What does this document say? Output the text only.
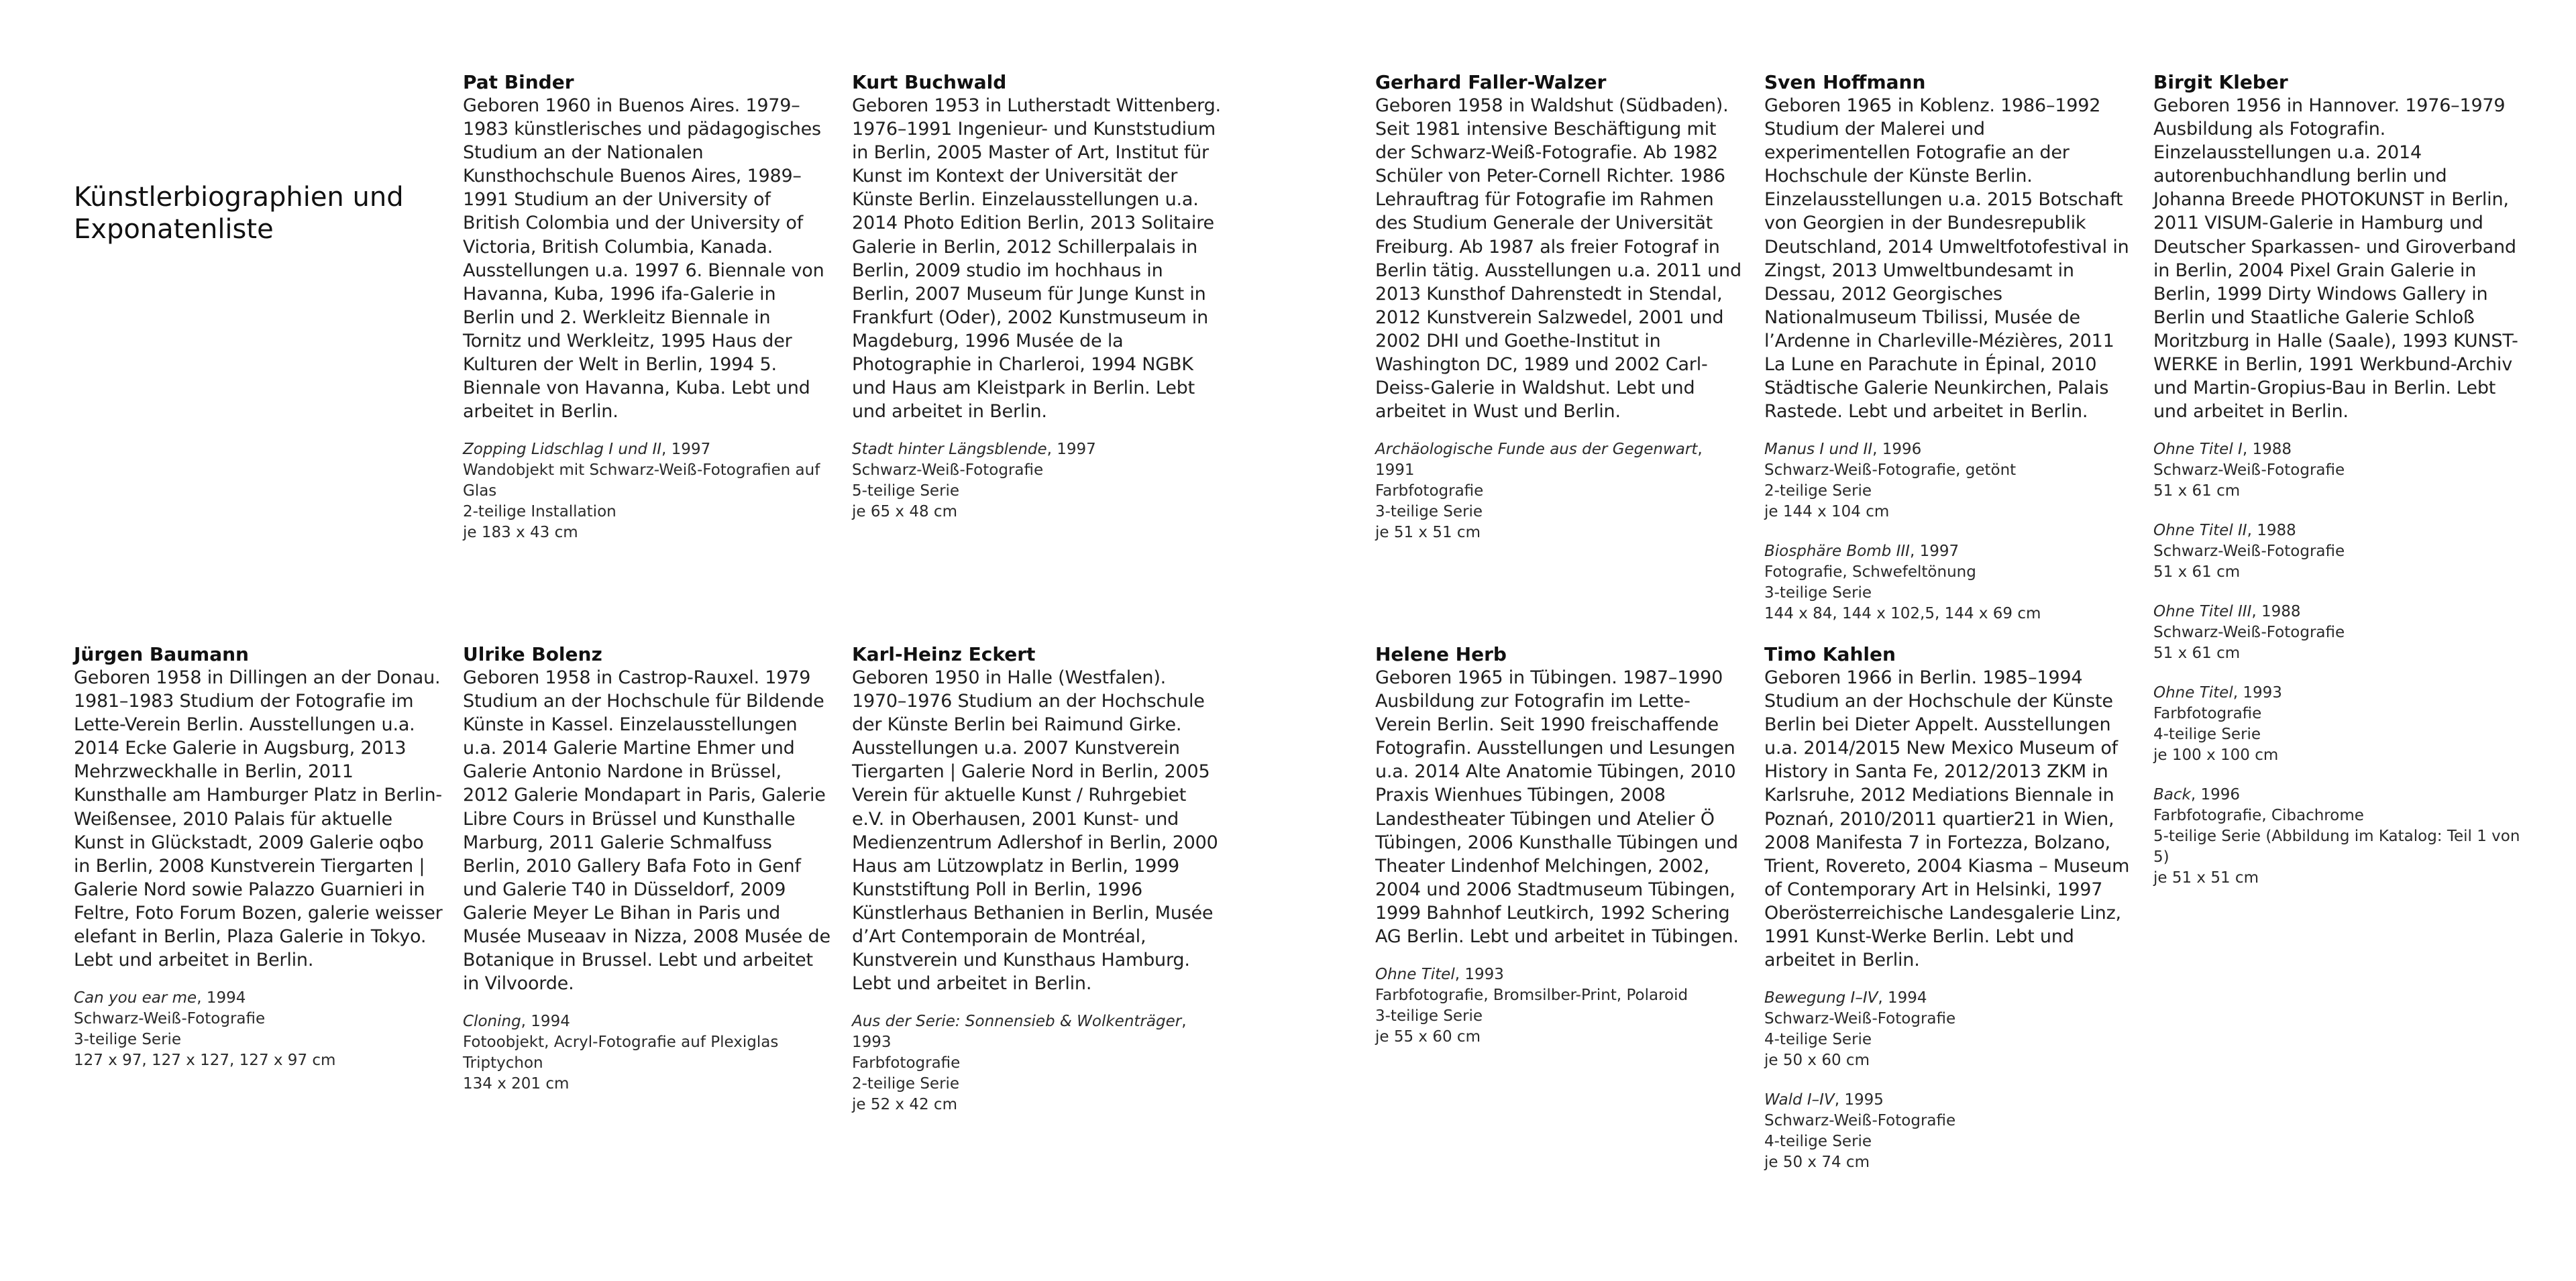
Künstlerbiographien und Exponatenliste
Pat Binder
Geboren 1960 in Buenos Aires. 1979–1983 künstlerisches und pädagogisches Studium an der Nationalen Kunsthochschule Buenos Aires, 1989–1991 Studium an der University of British Colombia und der University of Victoria, British Columbia, Kanada. Ausstellungen u.a. 1997 6. Biennale von Havanna, Kuba, 1996 ifa-Galerie in Berlin und 2. Werkleitz Biennale in Tornitz und Werkleitz, 1995 Haus der Kulturen der Welt in Berlin, 1994 5. Biennale von Havanna, Kuba. Lebt und arbeitet in Berlin.
Zopping Lidschlag I und II , 1997
Wandobjekt mit Schwarz-Weiß-Fotografien auf Glas
2-teilige Installation
je 183 x 43 cm
Kurt Buchwald
Geboren 1953 in Lutherstadt Wittenberg. 1976–1991 Ingenieur- und Kunststudium in Berlin, 2005 Master of Art, Institut für Kunst im Kontext der Universität der Künste Berlin. Einzelausstellungen u.a. 2014 Photo Edition Berlin, 2013 Solitaire Galerie in Berlin, 2012 Schillerpalais in Berlin, 2009 studio im hochhaus in Berlin, 2007 Museum für Junge Kunst in Frankfurt (Oder), 2002 Kunstmuseum in Magdeburg, 1996 Musée de la Photographie in Charleroi, 1994 NGBK und Haus am Kleistpark in Berlin. Lebt und arbeitet in Berlin.
Stadt hinter Längsblende , 1997
Schwarz-Weiß-Fotografie
5-teilige Serie
je 65 x 48 cm
Gerhard Faller-Walzer
Geboren 1958 in Waldshut (Südbaden). Seit 1981 intensive Beschäftigung mit der Schwarz-Weiß-Fotografie. Ab 1982 Schüler von Peter-Cornell Richter. 1986 Lehrauftrag für Fotografie im Rahmen des Studium Generale der Universität Freiburg. Ab 1987 als freier Fotograf in Berlin tätig. Ausstellungen u.a. 2011 und 2013 Kunsthof Dahrenstedt in Stendal, 2012 Kunstverein Salzwedel, 2001 und 2002 DHI und Goethe-Institut in Washington DC, 1989 und 2002 Carl-Deiss-Galerie in Waldshut. Lebt und arbeitet in Wust und Berlin.
Archäologische Funde aus der Gegenwart, 1991
Farbfotografie
3-teilige Serie
je 51 x 51 cm
Sven Hoffmann
Geboren 1965 in Koblenz. 1986–1992 Studium der Malerei und experimentellen Fotografie an der Hochschule der Künste Berlin. Einzelausstellungen u.a. 2015 Botschaft von Georgien in der Bundesrepublik Deutschland, 2014 Umweltfotofestival in Zingst, 2013 Umweltbundesamt in Dessau, 2012 Georgisches Nationalmuseum Tbilissi, Musée de l’Ardenne in Charleville-Mézières, 2011 La Lune en Parachute in Épinal, 2010 Städtische Galerie Neunkirchen, Palais Rastede. Lebt und arbeitet in Berlin.
Manus I und II , 1996
Schwarz-Weiß-Fotografie, getönt
2-teilige Serie
je 144 x 104 cm
Biosphäre Bomb III , 1997
Fotografie, Schwefeltönung
3-teilige Serie
144 x 84, 144 x 102,5, 144 x 69 cm
Birgit Kleber
Geboren 1956 in Hannover. 1976–1979 Ausbildung als Fotografin. Einzelausstellungen u.a. 2014 autorenbuchhandlung berlin und Johanna Breede PHOTOKUNST in Berlin, 2011 VISUM-Galerie in Hamburg und Deutscher Sparkassen- und Giroverband in Berlin, 2004 Pixel Grain Galerie in Berlin, 1999 Dirty Windows Gallery in Berlin und Staatliche Galerie Schloß Moritzburg in Halle (Saale), 1993 KUNST-WERKE in Berlin, 1991 Werkbund-Archiv und Martin-Gropius-Bau in Berlin. Lebt und arbeitet in Berlin.
Ohne Titel I , 1988
Schwarz-Weiß-Fotografie
51 x 61 cm
Ohne Titel II , 1988
Schwarz-Weiß-Fotografie
51 x 61 cm
Ohne Titel III , 1988
Schwarz-Weiß-Fotografie
51 x 61 cm
Ohne Titel , 1993
Farbfotografie
4-teilige Serie
je 100 x 100 cm
Back , 1996
Farbfotografie, Cibachrome
5-teilige Serie (Abbildung im Katalog: Teil 1 von 5)
je 51 x 51 cm
Jürgen Baumann
Geboren 1958 in Dillingen an der Donau. 1981–1983 Studium der Fotografie im Lette-Verein Berlin. Ausstellungen u.a. 2014 Ecke Galerie in Augsburg, 2013 Mehrzweckhalle in Berlin, 2011 Kunsthalle am Hamburger Platz in Berlin-Weißensee, 2010 Palais für aktuelle Kunst in Glückstadt, 2009 Galerie oqbo in Berlin, 2008 Kunstverein Tiergarten | Galerie Nord sowie Palazzo Guarnieri in Feltre, Foto Forum Bozen, galerie weisser elefant in Berlin, Plaza Galerie in Tokyo. Lebt und arbeitet in Berlin.
Can you ear me , 1994
Schwarz-Weiß-Fotografie
3-teilige Serie
127 x 97, 127 x 127, 127 x 97 cm
Ulrike Bolenz
Geboren 1958 in Castrop-Rauxel. 1979 Studium an der Hochschule für Bildende Künste in Kassel. Einzelausstellungen u.a. 2014 Galerie Martine Ehmer und Galerie Antonio Nardone in Brüssel, 2012 Galerie Mondapart in Paris, Galerie Libre Cours in Brüssel und Kunsthalle Marburg, 2011 Galerie Schmalfuss Berlin, 2010 Gallery Bafa Foto in Genf und Galerie T40 in Düsseldorf, 2009 Galerie Meyer Le Bihan in Paris und Musée Museaav in Nizza, 2008 Musée de Botanique in Brussel. Lebt und arbeitet in Vilvoorde.
Cloning , 1994
Fotoobjekt, Acryl-Fotografie auf Plexiglas
Triptychon
134 x 201 cm
Karl-Heinz Eckert
Geboren 1950 in Halle (Westfalen). 1970–1976 Studium an der Hochschule der Künste Berlin bei Raimund Girke. Ausstellungen u.a. 2007 Kunstverein Tiergarten | Galerie Nord in Berlin, 2005 Verein für aktuelle Kunst / Ruhrgebiet e.V. in Oberhausen, 2001 Kunst- und Medienzentrum Adlershof in Berlin, 2000 Haus am Lützowplatz in Berlin, 1999 Kunststiftung Poll in Berlin, 1996 Künstlerhaus Bethanien in Berlin, Musée d’Art Contemporain de Montréal, Kunstverein und Kunsthaus Hamburg. Lebt und arbeitet in Berlin.
Aus der Serie: Sonnensieb & Wolkenträger, 1993
Farbfotografie
2-teilige Serie
je 52 x 42 cm
Helene Herb
Geboren 1965 in Tübingen. 1987–1990 Ausbildung zur Fotografin im Lette-Verein Berlin. Seit 1990 freischaffende Fotografin. Ausstellungen und Lesungen u.a. 2014 Alte Anatomie Tübingen, 2010 Praxis Wienhues Tübingen, 2008 Landestheater Tübingen und Atelier Ö Tübingen, 2006 Kunsthalle Tübingen und Theater Lindenhof Melchingen, 2002, 2004 und 2006 Stadtmuseum Tübingen, 1999 Bahnhof Leutkirch, 1992 Schering AG Berlin. Lebt und arbeitet in Tübingen.
Ohne Titel , 1993
Farbfotografie, Bromsilber-Print, Polaroid
3-teilige Serie
je 55 x 60 cm
Timo Kahlen
Geboren 1966 in Berlin. 1985–1994 Studium an der Hochschule der Künste Berlin bei Dieter Appelt. Ausstellungen u.a. 2014/2015 New Mexico Museum of History in Santa Fe, 2012/2013 ZKM in Karlsruhe, 2012 Mediations Biennale in Poznań, 2010/2011 quartier21 in Wien, 2008 Manifesta 7 in Fortezza, Bolzano, Trient, Rovereto, 2004 Kiasma – Museum of Contemporary Art in Helsinki, 1997 Oberösterreichische Landesgalerie Linz, 1991 Kunst-Werke Berlin. Lebt und arbeitet in Berlin.
Bewegung I–IV , 1994
Schwarz-Weiß-Fotografie
4-teilige Serie
je 50 x 60 cm
Wald I–IV , 1995
Schwarz-Weiß-Fotografie
4-teilige Serie
je 50 x 74 cm
